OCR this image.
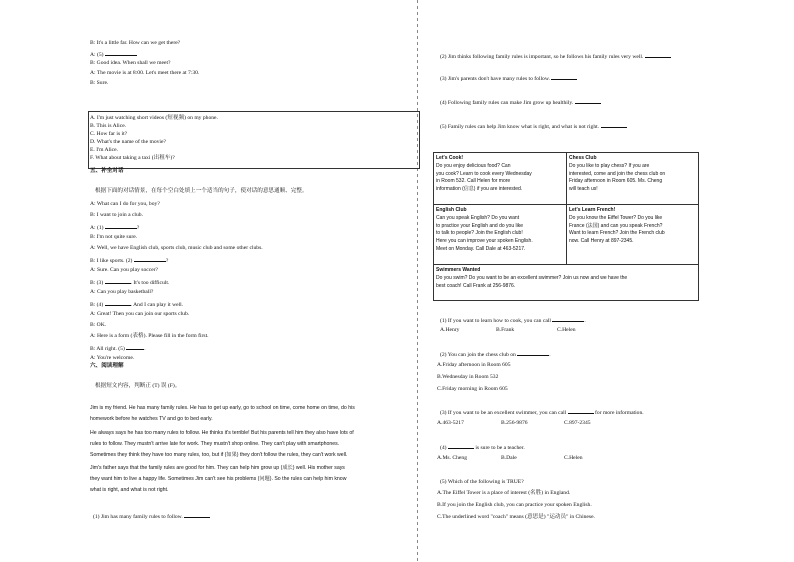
B: It's a little far. How can we get there?
A: (5)
B: Good idea. When shall we meet?
A: The movie is at 8:00. Let's meet there at 7:30.
B: Sure.
A. I'm just watching short videos (短视频) on my phone.
B. This is Alice.
C. How far is it?
D. What's the name of the movie?
E. I'm Alice.
F. What about taking a taxi (出租车)?
五、补全对话
根据下面的对话情景，在每个空白处填上一个适当的句子，使对话的意思通顺、完整。
A: What can I do for you, boy?
B: I want to join a club.
A: (1)	?
B: I'm not quite sure.
A: Well, we have English club, sports club, music club and some other clubs.
B: I like sports. (2)	?
A: Sure. Can you play soccer?
B: (3)	. It's too difficult.
A: Can you play basketball?
B: (4)	. And I can play it well.
A: Great! Then you can join our sports club.
B: OK.
A: Here is a form (表格). Please fill in the form first.
B: All right. (5)	.
A: You're welcome.
六、阅读理解
根据短文内容，判断正 (T) 误 (F)。
Jim is my friend. He has many family rules. He has to get up early, go to school on time, come home on time, do his
homework before he watches TV and go to bed early.
He always says he has too many rules to follow. He thinks it's terrible! But his parents tell him they also have lots of
rules to follow. They mustn't arrive late for work. They mustn't shop online. They can't play with smartphones.
Sometimes they think they have too many rules, too, but if (如果) they don't follow the rules, they can't work well.
Jim's father says that the family rules are good for him. They can help him grow up (成长) well. His mother says
they want him to live a happy life. Sometimes Jim can't see his problems (问题). So the rules can help him know
what is right, and what is not right.
(1) Jim has many family rules to follow.
(2) Jim thinks following family rules is important, so he follows his family rules very well.
(3) Jim's parents don't have many rules to follow.
(4) Following family rules can make Jim grow up healthily.
(5) Family rules can help Jim know what is right, and what is not right.
Let's Cook!
Do you enjoy delicious food? Can
you cook? Learn to cook every Wednesday
in Room 532. Call Helen for more
information (信息) if you are interested.
Chess Club
Do you like to play chess? If you are
interested, come and join the chess club on
Friday afternoon in Room 605. Ms. Cheng
will teach us!
English Club
Can you speak English? Do you want
to practice your English and do you like
to talk to people? Join the English club!
Here you can improve your spoken English.
Meet on Monday. Call Dale at 463-5217.
Let's Learn French!
Do you know the Eiffel Tower? Do you like
France (法国) and can you speak French?
Want to learn French? Join the French club
now. Call Henry at 897-2345.
Swimmers Wanted
Do you swim? Do you want to be an excellent swimmer? Join us now and we have the
best coach! Call Frank at 256-9876.
(1) If you want to learn how to cook, you can call	.
A.Henry	B.Frank	C.Helen
(2) You can join the chess club on	.
A.Friday afternoon in Room 605
B.Wednesday in Room 532
C.Friday morning in Room 605
(3) If you want to be an excellent swimmer, you can call	for more information.
A.463-5217	B.256-9876	C.897-2345
(4)	is sure to be a teacher.
A.Ms. Cheng	B.Dale	C.Helen
(5) Which of the following is TRUE?
A.The Eiffel Tower is a place of interest (名胜) in England.
B.If you join the English club, you can practice your spoken English.
C.The underlined word "coach" means (意思是) "运动员" in Chinese.
